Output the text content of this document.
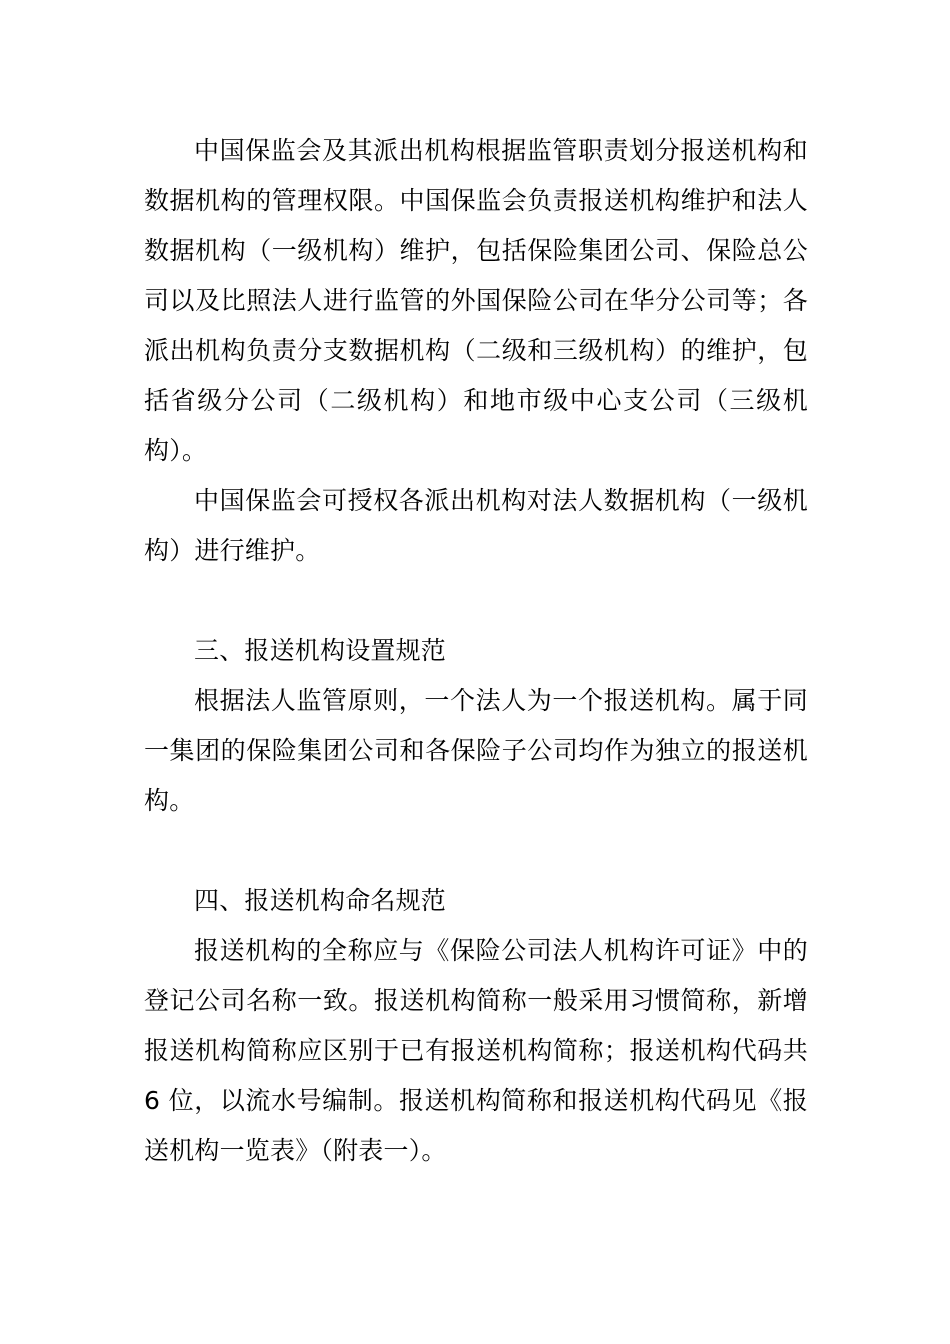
中国保监会及其派出机构根据监管职责划分报送机构和数据机构的管理权限。中国保监会负责报送机构维护和法人数据机构（一级机构）维护，包括保险集团公司、保险总公司以及比照法人进行监管的外国保险公司在华分公司等；各派出机构负责分支数据机构（二级和三级机构）的维护，包括省级分公司（二级机构）和地市级中心支公司（三级机构）。

中国保监会可授权各派出机构对法人数据机构（一级机构）进行维护。

三、报送机构设置规范

根据法人监管原则，一个法人为一个报送机构。属于同一集团的保险集团公司和各保险子公司均作为独立的报送机构。

四、报送机构命名规范

报送机构的全称应与《保险公司法人机构许可证》中的登记公司名称一致。报送机构简称一般采用习惯简称，新增报送机构简称应区别于已有报送机构简称；报送机构代码共 6 位，以流水号编制。报送机构简称和报送机构代码见《报送机构一览表》（附表一）。
